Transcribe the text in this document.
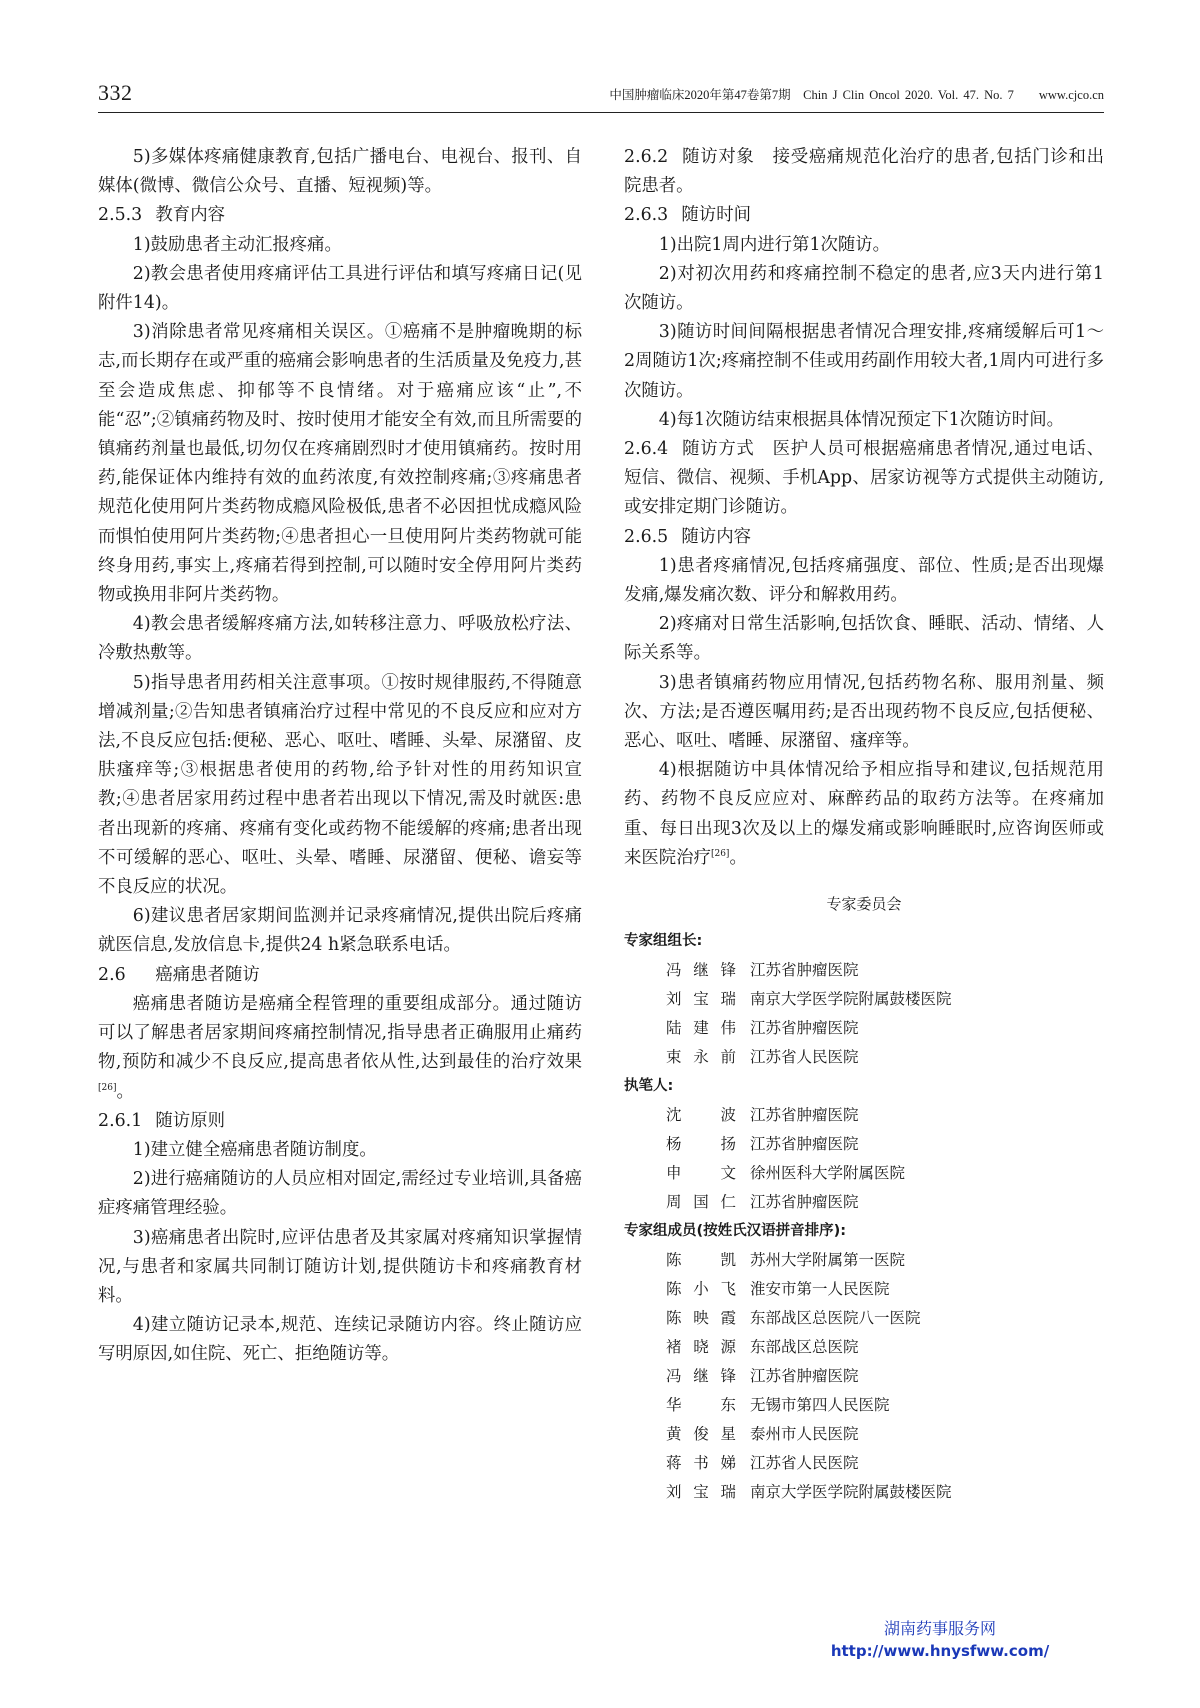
332	中国肿瘤临床2020年第47卷第7期　Chin J Clin Oncol 2020. Vol. 47. No. 7　　www.cjco.cn

5)多媒体疼痛健康教育,包括广播电台、电视台、报刊、自媒体(微博、微信公众号、直播、短视频)等。

2.5.3 教育内容

1)鼓励患者主动汇报疼痛。

2)教会患者使用疼痛评估工具进行评估和填写疼痛日记(见附件14)。

3)消除患者常见疼痛相关误区。①癌痛不是肿瘤晚期的标志,而长期存在或严重的癌痛会影响患者的生活质量及免疫力,甚至会造成焦虑、抑郁等不良情绪。对于癌痛应该“止”,不能“忍”;②镇痛药物及时、按时使用才能安全有效,而且所需要的镇痛药剂量也最低,切勿仅在疼痛剧烈时才使用镇痛药。按时用药,能保证体内维持有效的血药浓度,有效控制疼痛;③疼痛患者规范化使用阿片类药物成瘾风险极低,患者不必因担忧成瘾风险而惧怕使用阿片类药物;④患者担心一旦使用阿片类药物就可能终身用药,事实上,疼痛若得到控制,可以随时安全停用阿片类药物或换用非阿片类药物。

4)教会患者缓解疼痛方法,如转移注意力、呼吸放松疗法、冷敷热敷等。

5)指导患者用药相关注意事项。①按时规律服药,不得随意增减剂量;②告知患者镇痛治疗过程中常见的不良反应和应对方法,不良反应包括:便秘、恶心、呕吐、嗜睡、头晕、尿潴留、皮肤瘙痒等;③根据患者使用的药物,给予针对性的用药知识宣教;④患者居家用药过程中患者若出现以下情况,需及时就医:患者出现新的疼痛、疼痛有变化或药物不能缓解的疼痛;患者出现不可缓解的恶心、呕吐、头晕、嗜睡、尿潴留、便秘、谵妄等不良反应的状况。

6)建议患者居家期间监测并记录疼痛情况,提供出院后疼痛就医信息,发放信息卡,提供24 h紧急联系电话。

2.6 癌痛患者随访

癌痛患者随访是癌痛全程管理的重要组成部分。通过随访可以了解患者居家期间疼痛控制情况,指导患者正确服用止痛药物,预防和减少不良反应,提高患者依从性,达到最佳的治疗效果[26]。

2.6.1 随访原则

1)建立健全癌痛患者随访制度。

2)进行癌痛随访的人员应相对固定,需经过专业培训,具备癌症疼痛管理经验。

3)癌痛患者出院时,应评估患者及其家属对疼痛知识掌握情况,与患者和家属共同制订随访计划,提供随访卡和疼痛教育材料。

4)建立随访记录本,规范、连续记录随访内容。终止随访应写明原因,如住院、死亡、拒绝随访等。

2.6.2 随访对象　接受癌痛规范化治疗的患者,包括门诊和出院患者。

2.6.3 随访时间

1)出院1周内进行第1次随访。

2)对初次用药和疼痛控制不稳定的患者,应3天内进行第1次随访。

3)随访时间间隔根据患者情况合理安排,疼痛缓解后可1～2周随访1次;疼痛控制不佳或用药副作用较大者,1周内可进行多次随访。

4)每1次随访结束根据具体情况预定下1次随访时间。

2.6.4 随访方式　医护人员可根据癌痛患者情况,通过电话、短信、微信、视频、手机App、居家访视等方式提供主动随访,或安排定期门诊随访。

2.6.5 随访内容

1)患者疼痛情况,包括疼痛强度、部位、性质;是否出现爆发痛,爆发痛次数、评分和解救用药。

2)疼痛对日常生活影响,包括饮食、睡眠、活动、情绪、人际关系等。

3)患者镇痛药物应用情况,包括药物名称、服用剂量、频次、方法;是否遵医嘱用药;是否出现药物不良反应,包括便秘、恶心、呕吐、嗜睡、尿潴留、瘙痒等。

4)根据随访中具体情况给予相应指导和建议,包括规范用药、药物不良反应应对、麻醉药品的取药方法等。在疼痛加重、每日出现3次及以上的爆发痛或影响睡眠时,应咨询医师或来医院治疗[26]。

专家委员会
专家组组长:
冯继锋 江苏省肿瘤医院
刘宝瑞 南京大学医学院附属鼓楼医院
陆建伟 江苏省肿瘤医院
束永前 江苏省人民医院
执笔人:
沈　波 江苏省肿瘤医院
杨　扬 江苏省肿瘤医院
申　文 徐州医科大学附属医院
周国仁 江苏省肿瘤医院
专家组成员(按姓氏汉语拼音排序):
陈　凯 苏州大学附属第一医院
陈小飞 淮安市第一人民医院
陈映霞 东部战区总医院八一医院
褚晓源 东部战区总医院
冯继锋 江苏省肿瘤医院
华　东 无锡市第四人民医院
黄俊星 泰州市人民医院
蒋书娣 江苏省人民医院
刘宝瑞 南京大学医学院附属鼓楼医院
湖南药事服务网
http://www.hnysfww.com/
